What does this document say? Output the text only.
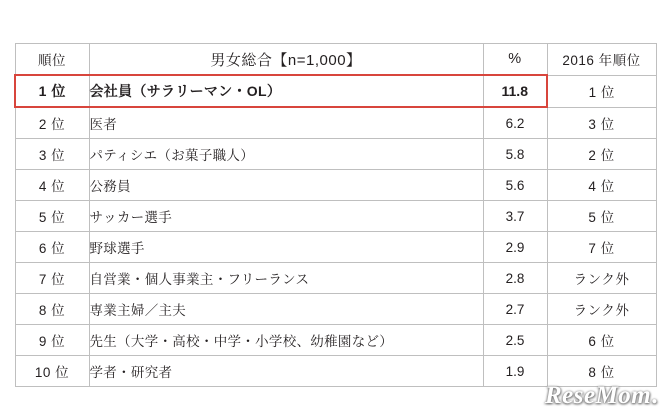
順位	男女総合【n=1,000】	%	2016 年順位
1 位	会社員（サラリーマン・OL）	11.8	1 位
2 位	医者	6.2	3 位
3 位	パティシエ（お菓子職人）	5.8	2 位
4 位	公務員	5.6	4 位
5 位	サッカー選手	3.7	5 位
6 位	野球選手	2.9	7 位
7 位	自営業・個人事業主・フリーランス	2.8	ランク外
8 位	専業主婦／主夫	2.7	ランク外
9 位	先生（大学・高校・中学・小学校、幼稚園など）	2.5	6 位
10 位	学者・研究者	1.9	8 位
ReseMom.
